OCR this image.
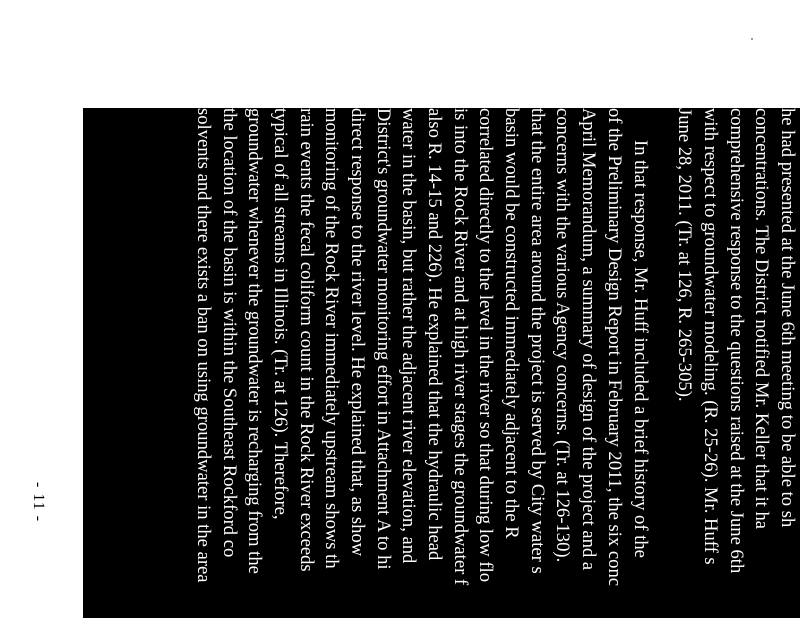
he had presented at the June 6th meeting to be able to sh
concentrations. The District notified Mr. Keller that it ha
comprehensive response to the questions raised at the June 6th
with respect to groundwater modeling. (R. 25-26). Mr. Huff s
June 28, 2011. (Tr. at 126, R. 265-305).
In that response, Mr. Huff included a brief history of the
of the Preliminary Design Report in February 2011, the six conc
April Memorandum, a summary of design of the project and a
concerns with the various Agency concerns. (Tr. at 126-130).
that the entire area around the project is served by City water s
basin would be constructed immediately adjacent to the R
correlated directly to the level in the river so that during low flo
is into the Rock River and at high river stages the groundwater f
also R. 14-15 and 226). He explained that the hydraulic head
water in the basin, but rather the adjacent river elevation, and
District's groundwater monitoring effort in Attachment A to hi
direct response to the river level. He explained that, as show
monitoring of the Rock River immediately upstream shows th
rain events the fecal coliform count in the Rock River exceeds
typical of all streams in Illinois. (Tr. at 126). Therefore,
groundwater whenever the groundwater is recharging from the
the location of the basin is within the Southeast Rockford co
solvents and there exists a ban on using groundwater in the area
- 11 -
